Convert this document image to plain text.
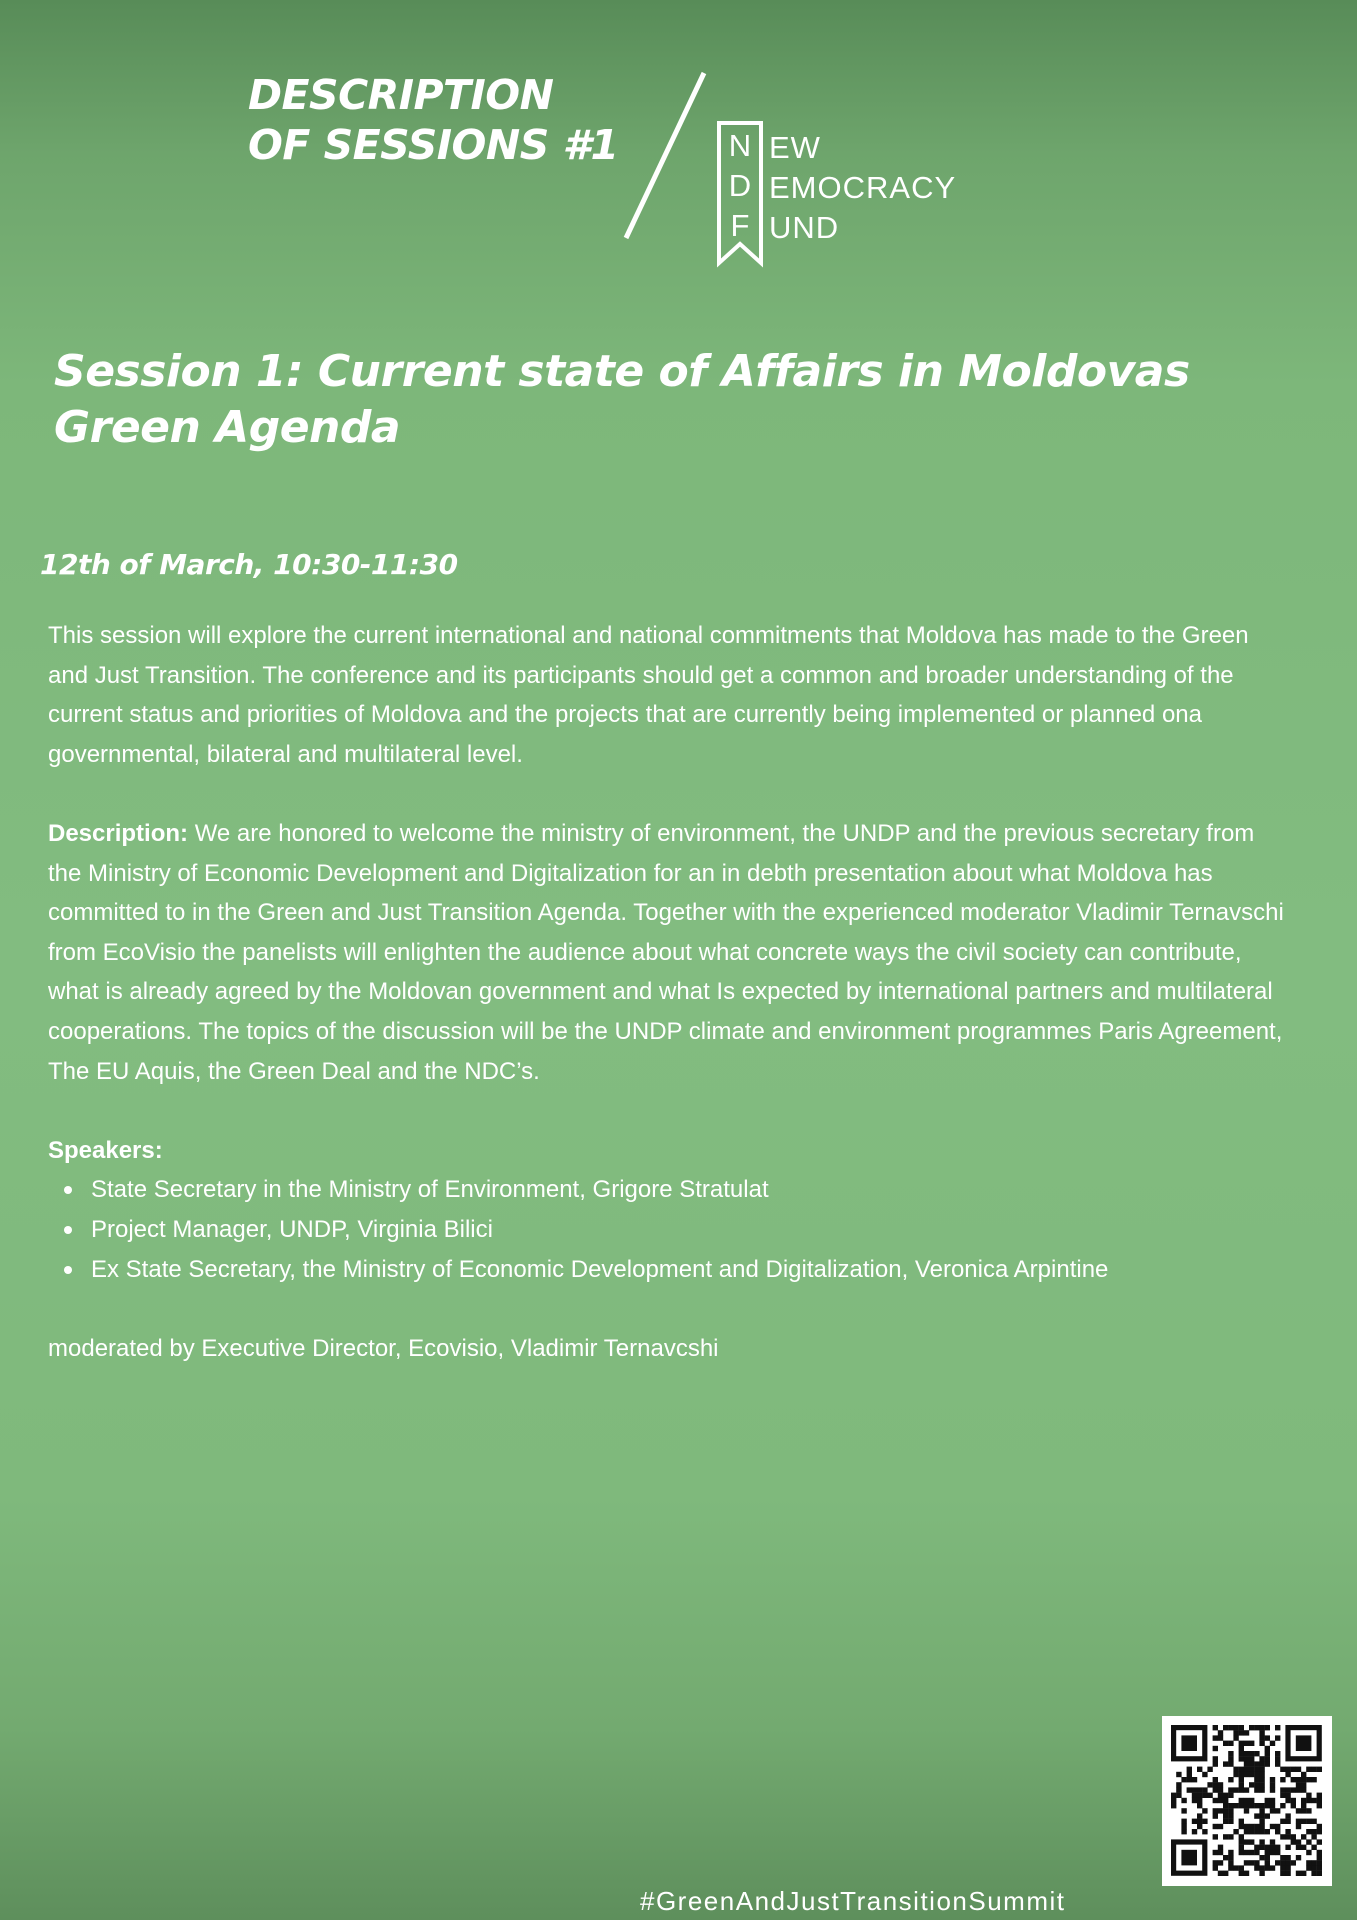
DESCRIPTION
OF SESSIONS #1	N
D
F
EW
EMOCRACY
UND
Session 1: Current state of Affairs in Moldovas Green Agenda
12th of March, 10:30-11:30

This session will explore the current international and national commitments that Moldova has made to the Green and Just Transition. The conference and its participants should get a common and broader understanding of the current status and priorities of Moldova and the projects that are currently being implemented or planned ona governmental, bilateral and multilateral level.

Description: We are honored to welcome the ministry of environment, the UNDP and the previous secretary from the Ministry of Economic Development and Digitalization for an in debth presentation about what Moldova has committed to in the Green and Just Transition Agenda. Together with the experienced moderator Vladimir Ternavschi from EcoVisio the panelists will enlighten the audience about what concrete ways the civil society can contribute, what is already agreed by the Moldovan government and what Is expected by international partners and multilateral cooperations. The topics of the discussion will be the UNDP climate and environment programmes Paris Agreement, The EU Aquis, the Green Deal and the NDC’s.

Speakers:

State Secretary in the Ministry of Environment, Grigore Stratulat
Project Manager, UNDP, Virginia Bilici
Ex State Secretary, the Ministry of Economic Development and Digitalization, Veronica Arpintine

moderated by Executive Director, Ecovisio, Vladimir Ternavcshi

#GreenAndJustTransitionSummit
